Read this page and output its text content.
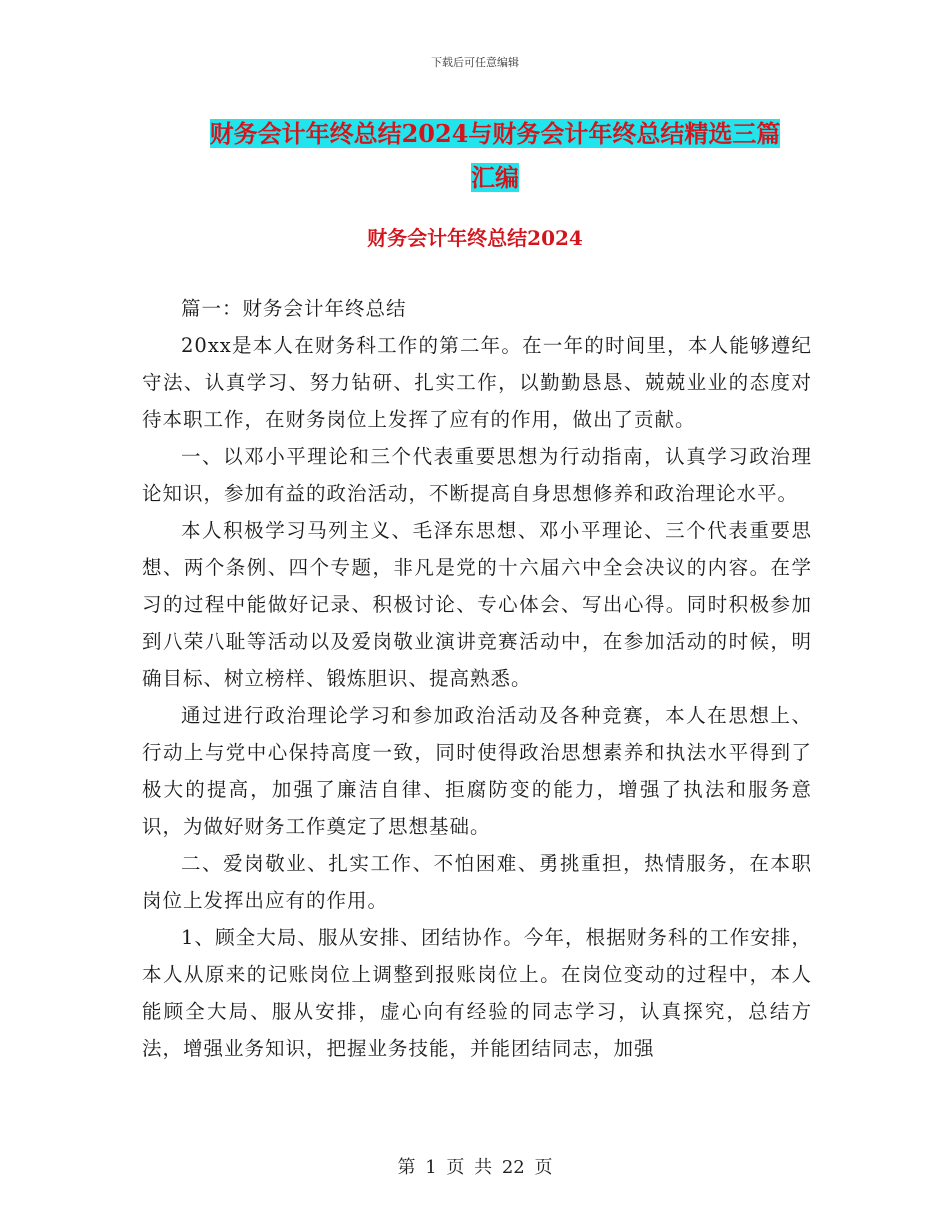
下载后可任意编辑
财务会计年终总结2024与财务会计年终总结精选三篇
汇编
财务会计年终总结2024

篇一：财务会计年终总结

20xx是本人在财务科工作的第二年。在一年的时间里，本人能够遵纪守法、认真学习、努力钻研、扎实工作，以勤勤恳恳、兢兢业业的态度对待本职工作，在财务岗位上发挥了应有的作用，做出了贡献。

一、以邓小平理论和三个代表重要思想为行动指南，认真学习政治理论知识，参加有益的政治活动，不断提高自身思想修养和政治理论水平。

本人积极学习马列主义、毛泽东思想、邓小平理论、三个代表重要思想、两个条例、四个专题，非凡是党的十六届六中全会决议的内容。在学习的过程中能做好记录、积极讨论、专心体会、写出心得。同时积极参加到八荣八耻等活动以及爱岗敬业演讲竞赛活动中，在参加活动的时候，明确目标、树立榜样、锻炼胆识、提高熟悉。

通过进行政治理论学习和参加政治活动及各种竞赛，本人在思想上、行动上与党中心保持高度一致，同时使得政治思想素养和执法水平得到了极大的提高，加强了廉洁自律、拒腐防变的能力，增强了执法和服务意识，为做好财务工作奠定了思想基础。

二、爱岗敬业、扎实工作、不怕困难、勇挑重担，热情服务，在本职岗位上发挥出应有的作用。

1、顾全大局、服从安排、团结协作。今年，根据财务科的工作安排，本人从原来的记账岗位上调整到报账岗位上。在岗位变动的过程中，本人能顾全大局、服从安排，虚心向有经验的同志学习，认真探究，总结方法，增强业务知识，把握业务技能，并能团结同志，加强

第 1 页 共 22 页
